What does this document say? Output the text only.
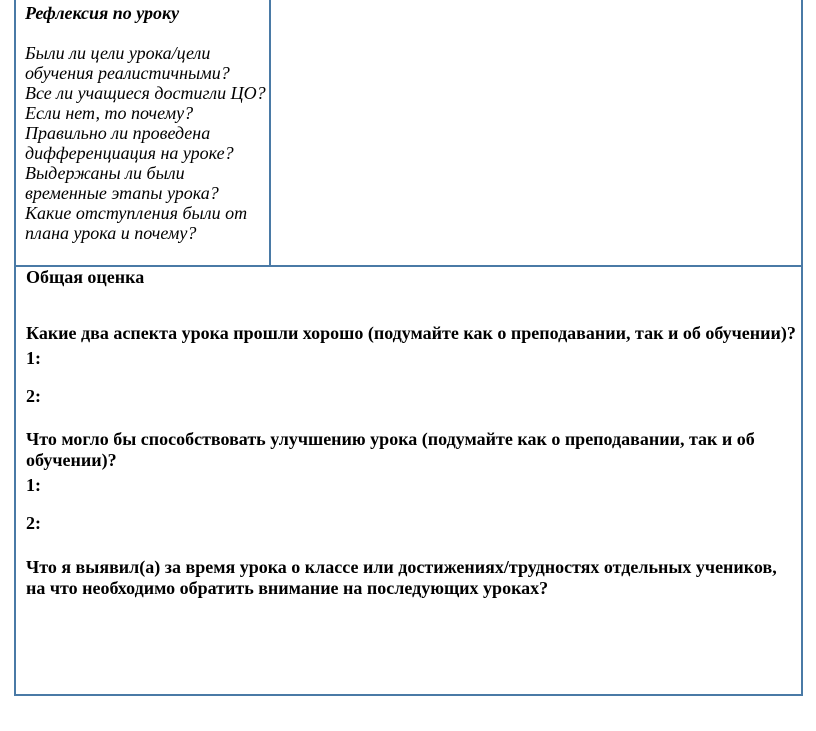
Рефлексия по уроку

Были ли цели урока/цели обучения реалистичными?

Все ли учащиеся достигли ЦО?

Если нет, то почему?

Правильно ли проведена дифференциация на уроке?

Выдержаны ли были временные этапы урока?

Какие отступления были от плана урока и почему?

Общая оценка

Какие два аспекта урока прошли хорошо (подумайте как о преподавании, так и об обучении)?

1:

2:

Что могло бы способствовать улучшению урока (подумайте как о преподавании, так и об обучении)?

1:

2:

Что я выявил(а) за время урока о классе или достижениях/трудностях отдельных учеников, на что необходимо обратить внимание на последующих уроках?
